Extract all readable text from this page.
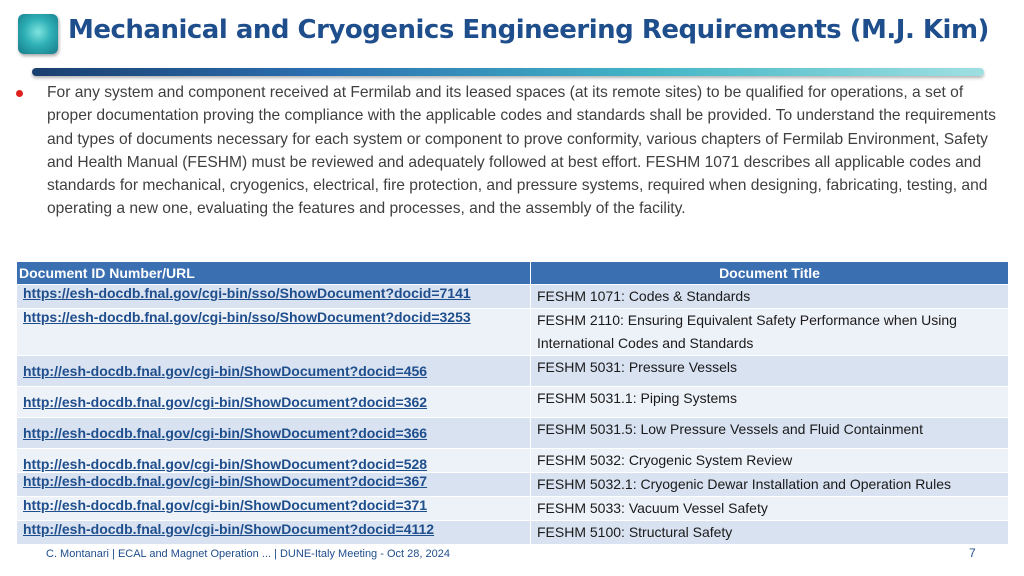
Mechanical and Cryogenics Engineering Requirements (M.J. Kim)

For any system and component received at Fermilab and its leased spaces (at its remote sites) to be qualified for operations, a set of proper documentation proving the compliance with the applicable codes and standards shall be provided. To understand the requirements and types of documents necessary for each system or component to prove conformity, various chapters of Fermilab Environment, Safety and Health Manual (FESHM) must be reviewed and adequately followed at best effort. FESHM 1071 describes all applicable codes and standards for mechanical, cryogenics, electrical, fire protection, and pressure systems, required when designing, fabricating, testing, and operating a new one, evaluating the features and processes, and the assembly of the facility.

Document ID Number/URL	Document Title
https://esh-docdb.fnal.gov/cgi-bin/sso/ShowDocument?docid=7141	FESHM 1071: Codes & Standards
https://esh-docdb.fnal.gov/cgi-bin/sso/ShowDocument?docid=3253	FESHM 2110: Ensuring Equivalent Safety Performance when Using International Codes and Standards
http://esh-docdb.fnal.gov/cgi-bin/ShowDocument?docid=456	FESHM 5031: Pressure Vessels
http://esh-docdb.fnal.gov/cgi-bin/ShowDocument?docid=362	FESHM 5031.1: Piping Systems
http://esh-docdb.fnal.gov/cgi-bin/ShowDocument?docid=366	FESHM 5031.5: Low Pressure Vessels and Fluid Containment
http://esh-docdb.fnal.gov/cgi-bin/ShowDocument?docid=528	FESHM 5032: Cryogenic System Review
http://esh-docdb.fnal.gov/cgi-bin/ShowDocument?docid=367	FESHM 5032.1: Cryogenic Dewar Installation and Operation Rules
http://esh-docdb.fnal.gov/cgi-bin/ShowDocument?docid=371	FESHM 5033: Vacuum Vessel Safety
http://esh-docdb.fnal.gov/cgi-bin/ShowDocument?docid=4112	FESHM 5100: Structural Safety
C. Montanari | ECAL and Magnet Operation ... | DUNE-Italy Meeting - Oct 28, 2024	7
